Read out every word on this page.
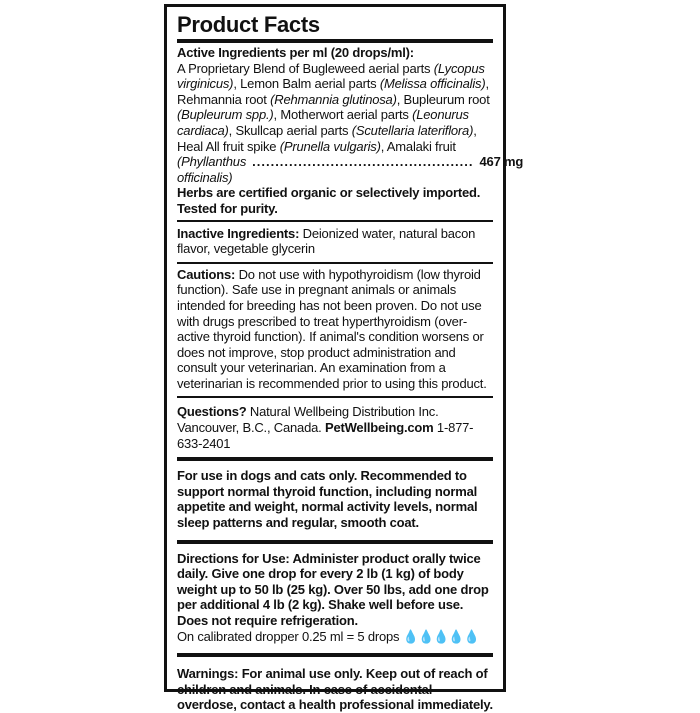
Product Facts
Active Ingredients per ml (20 drops/ml):
A Proprietary Blend of Bugleweed aerial parts (Lycopus virginicus), Lemon Balm aerial parts (Melissa officinalis), Rehmannia root (Rehmannia glutinosa), Bupleurum root (Bupleurum spp.), Motherwort aerial parts (Leonurus cardiaca), Skullcap aerial parts (Scutellaria lateriflora), Heal All fruit spike (Prunella vulgaris), Amalaki fruit
(Phyllanthus officinalis)
................................................ 467 mg
Herbs are certified organic or selectively imported. Tested for purity.
Inactive Ingredients: Deionized water, natural bacon flavor, vegetable glycerin
Cautions: Do not use with hypothyroidism (low thyroid function). Safe use in pregnant animals or animals intended for breeding has not been proven. Do not use with drugs prescribed to treat hyperthyroidism (over-active thyroid function). If animal's condition worsens or does not improve, stop product administration and consult your veterinarian. An examination from a veterinarian is recommended prior to using this product.
Questions? Natural Wellbeing Distribution Inc. Vancouver, B.C., Canada. PetWellbeing.com 1-877-633-2401
For use in dogs and cats only. Recommended to support normal thyroid function, including normal appetite and weight, normal activity levels, normal sleep patterns and regular, smooth coat.
Directions for Use: Administer product orally twice daily. Give one drop for every 2 lb (1 kg) of body weight up to 50 lb (25 kg). Over 50 lbs, add one drop per additional 4 lb (2 kg). Shake well before use. Does not require refrigeration.
On calibrated dropper 0.25 ml = 5 drops 💧💧💧💧💧
Warnings: For animal use only. Keep out of reach of children and animals. In case of accidental overdose, contact a health professional immediately.
